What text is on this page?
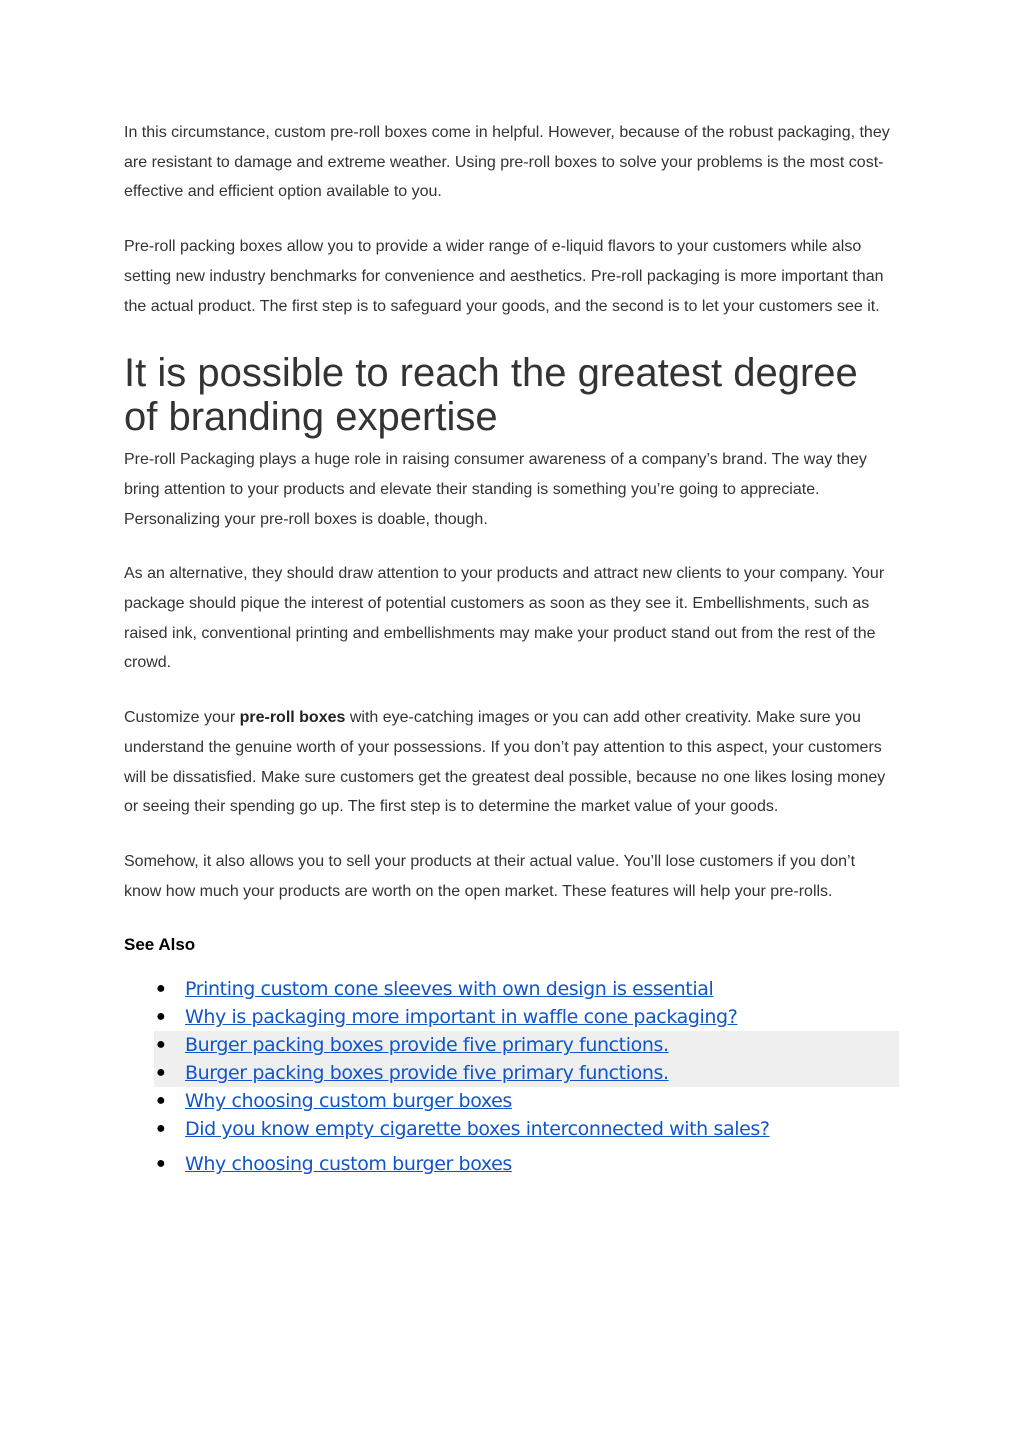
In this circumstance, custom pre-roll boxes come in helpful. However, because of the robust packaging, they are resistant to damage and extreme weather. Using pre-roll boxes to solve your problems is the most cost-effective and efficient option available to you.

Pre-roll packing boxes allow you to provide a wider range of e-liquid flavors to your customers while also setting new industry benchmarks for convenience and aesthetics. Pre-roll packaging is more important than the actual product. The first step is to safeguard your goods, and the second is to let your customers see it.

It is possible to reach the greatest degree of branding expertise

Pre-roll Packaging plays a huge role in raising consumer awareness of a company’s brand. The way they bring attention to your products and elevate their standing is something you’re going to appreciate. Personalizing your pre-roll boxes is doable, though.

As an alternative, they should draw attention to your products and attract new clients to your company. Your package should pique the interest of potential customers as soon as they see it. Embellishments, such as raised ink, conventional printing and embellishments may make your product stand out from the rest of the crowd.

Customize your pre-roll boxes with eye-catching images or you can add other creativity. Make sure you understand the genuine worth of your possessions. If you don’t pay attention to this aspect, your customers will be dissatisfied. Make sure customers get the greatest deal possible, because no one likes losing money or seeing their spending go up. The first step is to determine the market value of your goods.

Somehow, it also allows you to sell your products at their actual value. You’ll lose customers if you don’t know how much your products are worth on the open market. These features will help your pre-rolls.

See Also
● Printing custom cone sleeves with own design is essential
● Why is packaging more important in waffle cone packaging?
● Burger packing boxes provide five primary functions.
● Burger packing boxes provide five primary functions.
● Why choosing custom burger boxes
● Did you know empty cigarette boxes interconnected with sales?
● Why choosing custom burger boxes
